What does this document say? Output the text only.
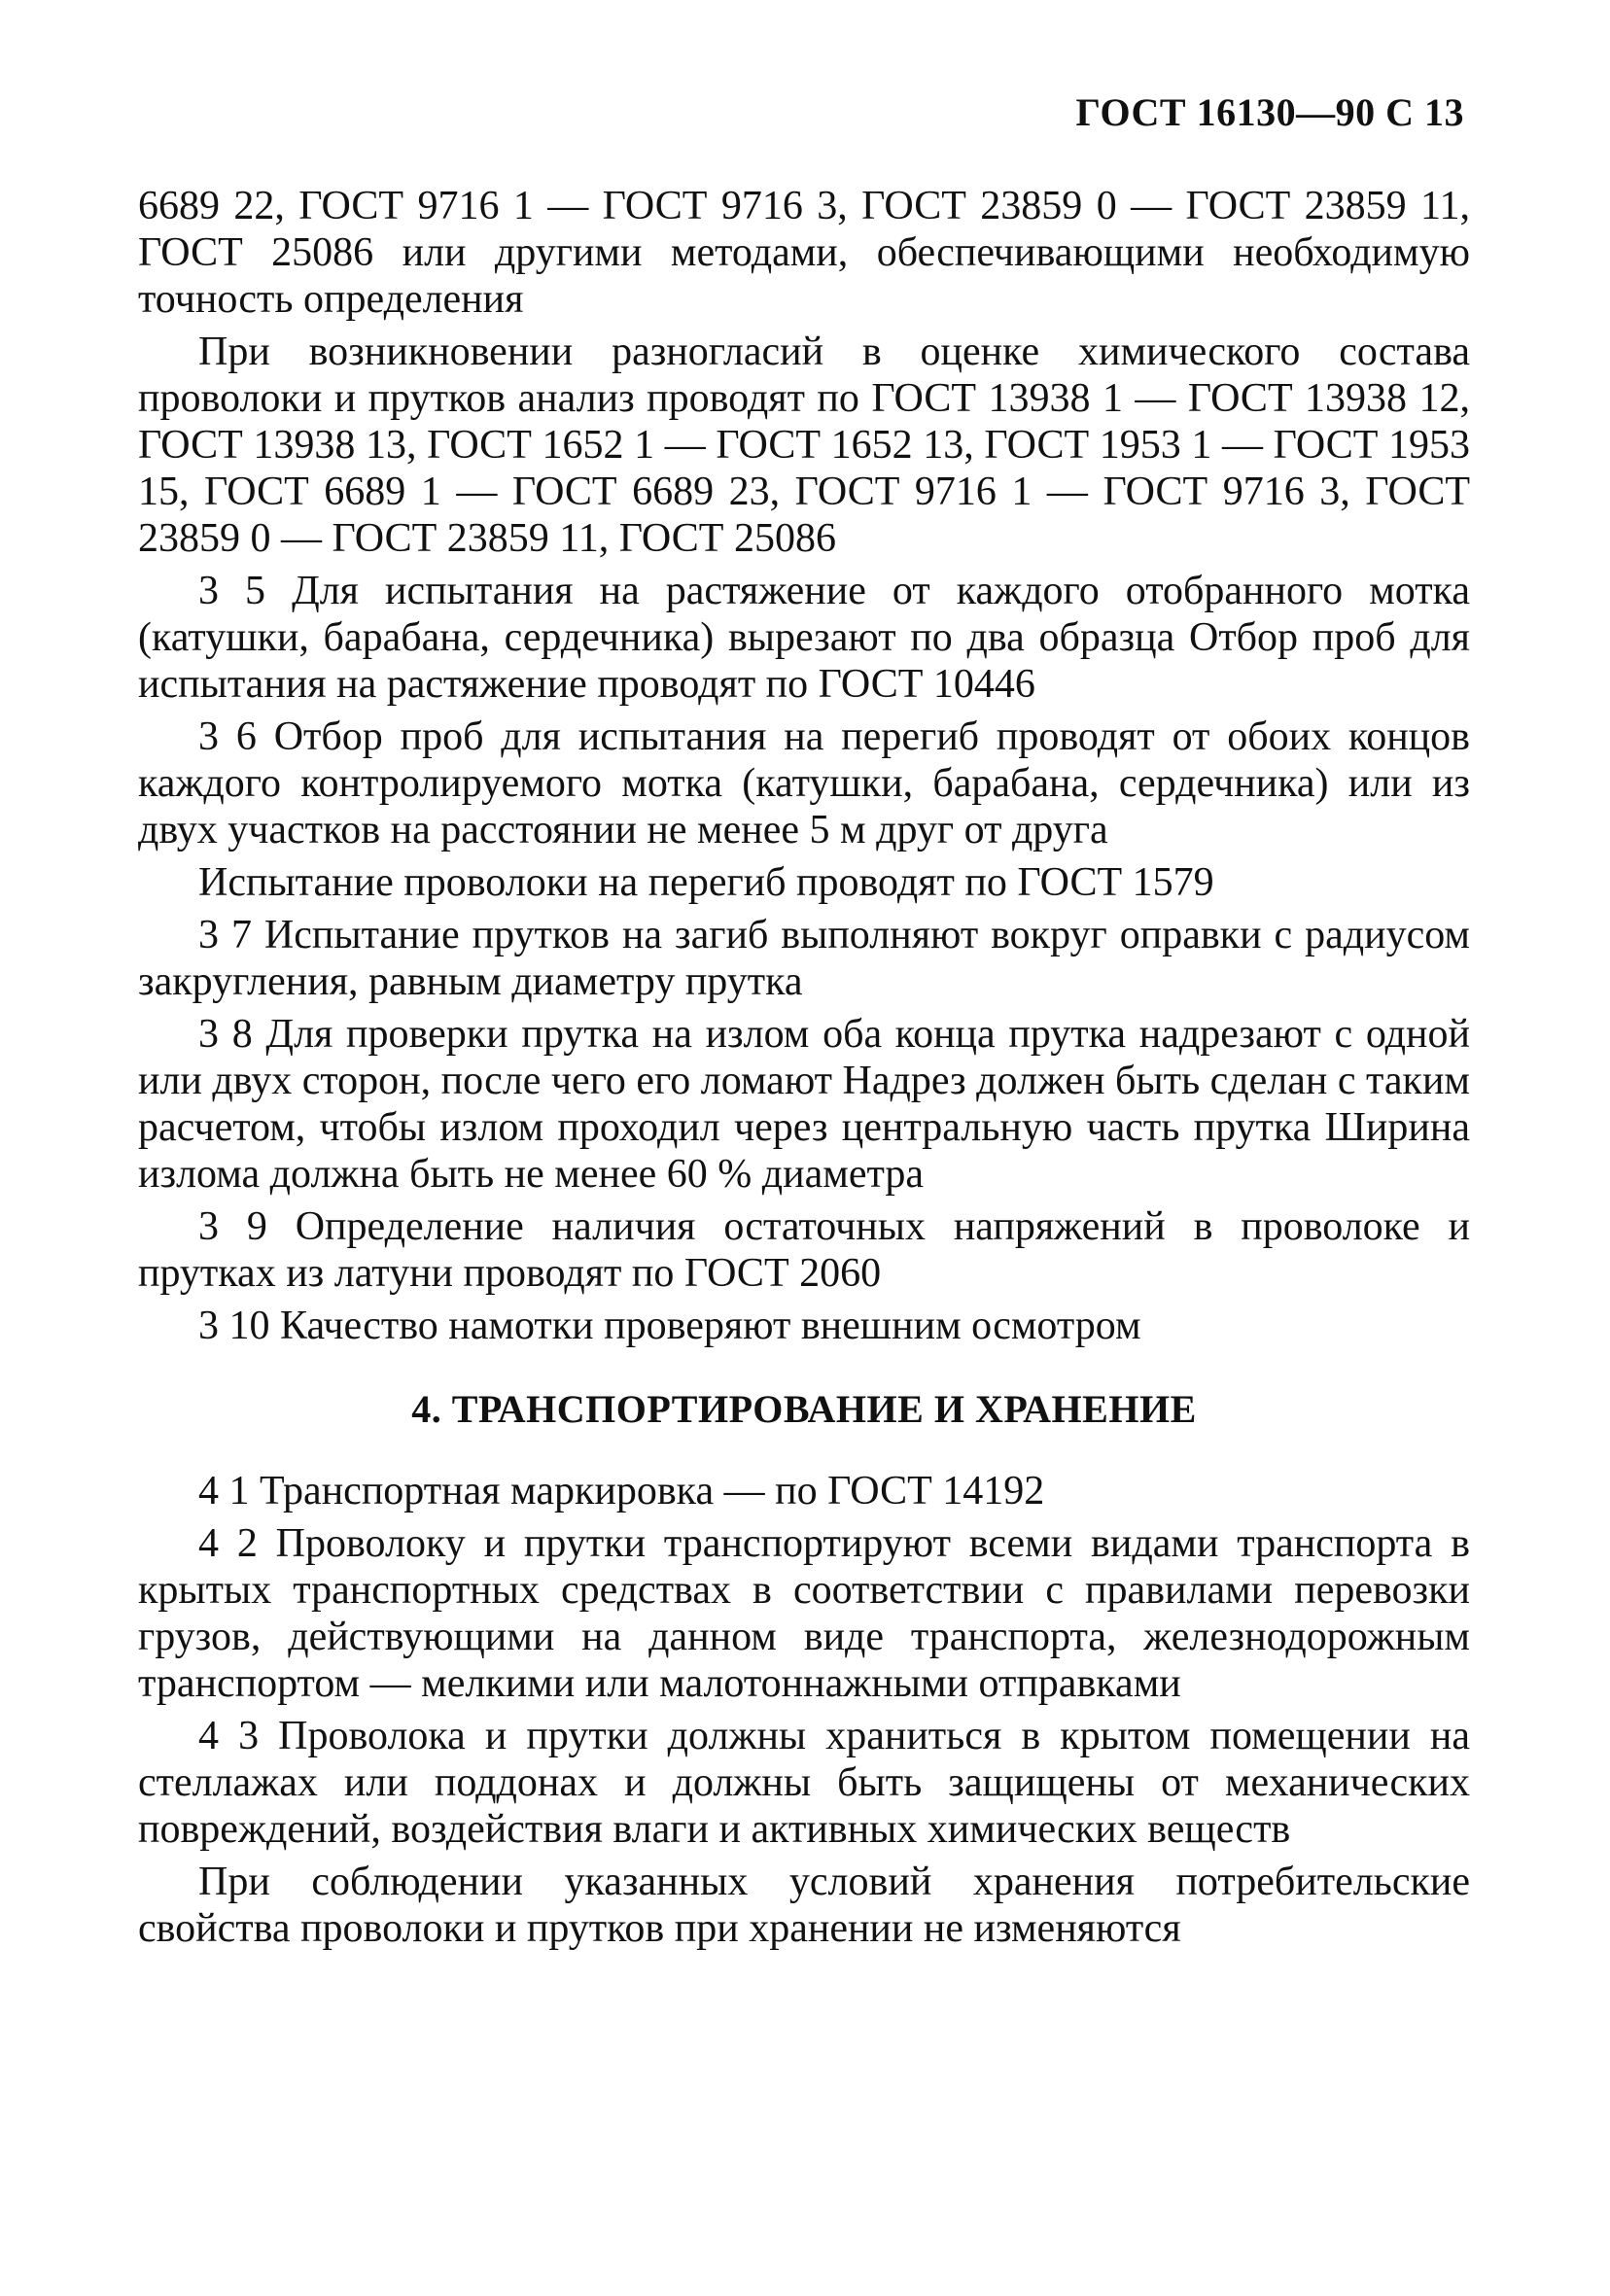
ГОСТ 16130—90 С 13

6689 22, ГОСТ 9716 1 — ГОСТ 9716 3, ГОСТ 23859 0 — ГОСТ 23859 11, ГОСТ 25086 или другими методами, обеспечивающими необходимую точность определения

При возникновении разногласий в оценке химического состава проволоки и прутков анализ проводят по ГОСТ 13938 1 — ГОСТ 13938 12, ГОСТ 13938 13, ГОСТ 1652 1 — ГОСТ 1652 13, ГОСТ 1953 1 — ГОСТ 1953 15, ГОСТ 6689 1 — ГОСТ 6689 23, ГОСТ 9716 1 — ГОСТ 9716 3, ГОСТ 23859 0 — ГОСТ 23859 11, ГОСТ 25086

3 5 Для испытания на растяжение от каждого отобранного мотка (катушки, барабана, сердечника) вырезают по два образца Отбор проб для испытания на растяжение проводят по ГОСТ 10446

3 6 Отбор проб для испытания на перегиб проводят от обоих концов каждого контролируемого мотка (катушки, барабана, сердечника) или из двух участков на расстоянии не менее 5 м друг от друга

Испытание проволоки на перегиб проводят по ГОСТ 1579

3 7 Испытание прутков на загиб выполняют вокруг оправки с радиусом закругления, равным диаметру прутка

3 8 Для проверки прутка на излом оба конца прутка надрезают с одной или двух сторон, после чего его ломают Надрез должен быть сделан с таким расчетом, чтобы излом проходил через центральную часть прутка Ширина излома должна быть не менее 60 % диаметра

3 9 Определение наличия остаточных напряжений в проволоке и прутках из латуни проводят по ГОСТ 2060

3 10 Качество намотки проверяют внешним осмотром

4. ТРАНСПОРТИРОВАНИЕ И ХРАНЕНИЕ

4 1 Транспортная маркировка — по ГОСТ 14192

4 2 Проволоку и прутки транспортируют всеми видами транспорта в крытых транспортных средствах в соответствии с правилами перевозки грузов, действующими на данном виде транспорта, железнодорожным транспортом — мелкими или малотоннажными отправками

4 3 Проволока и прутки должны храниться в крытом помещении на стеллажах или поддонах и должны быть защищены от механических повреждений, воздействия влаги и активных химических веществ

При соблюдении указанных условий хранения потребительские свойства проволоки и прутков при хранении не изменяются
